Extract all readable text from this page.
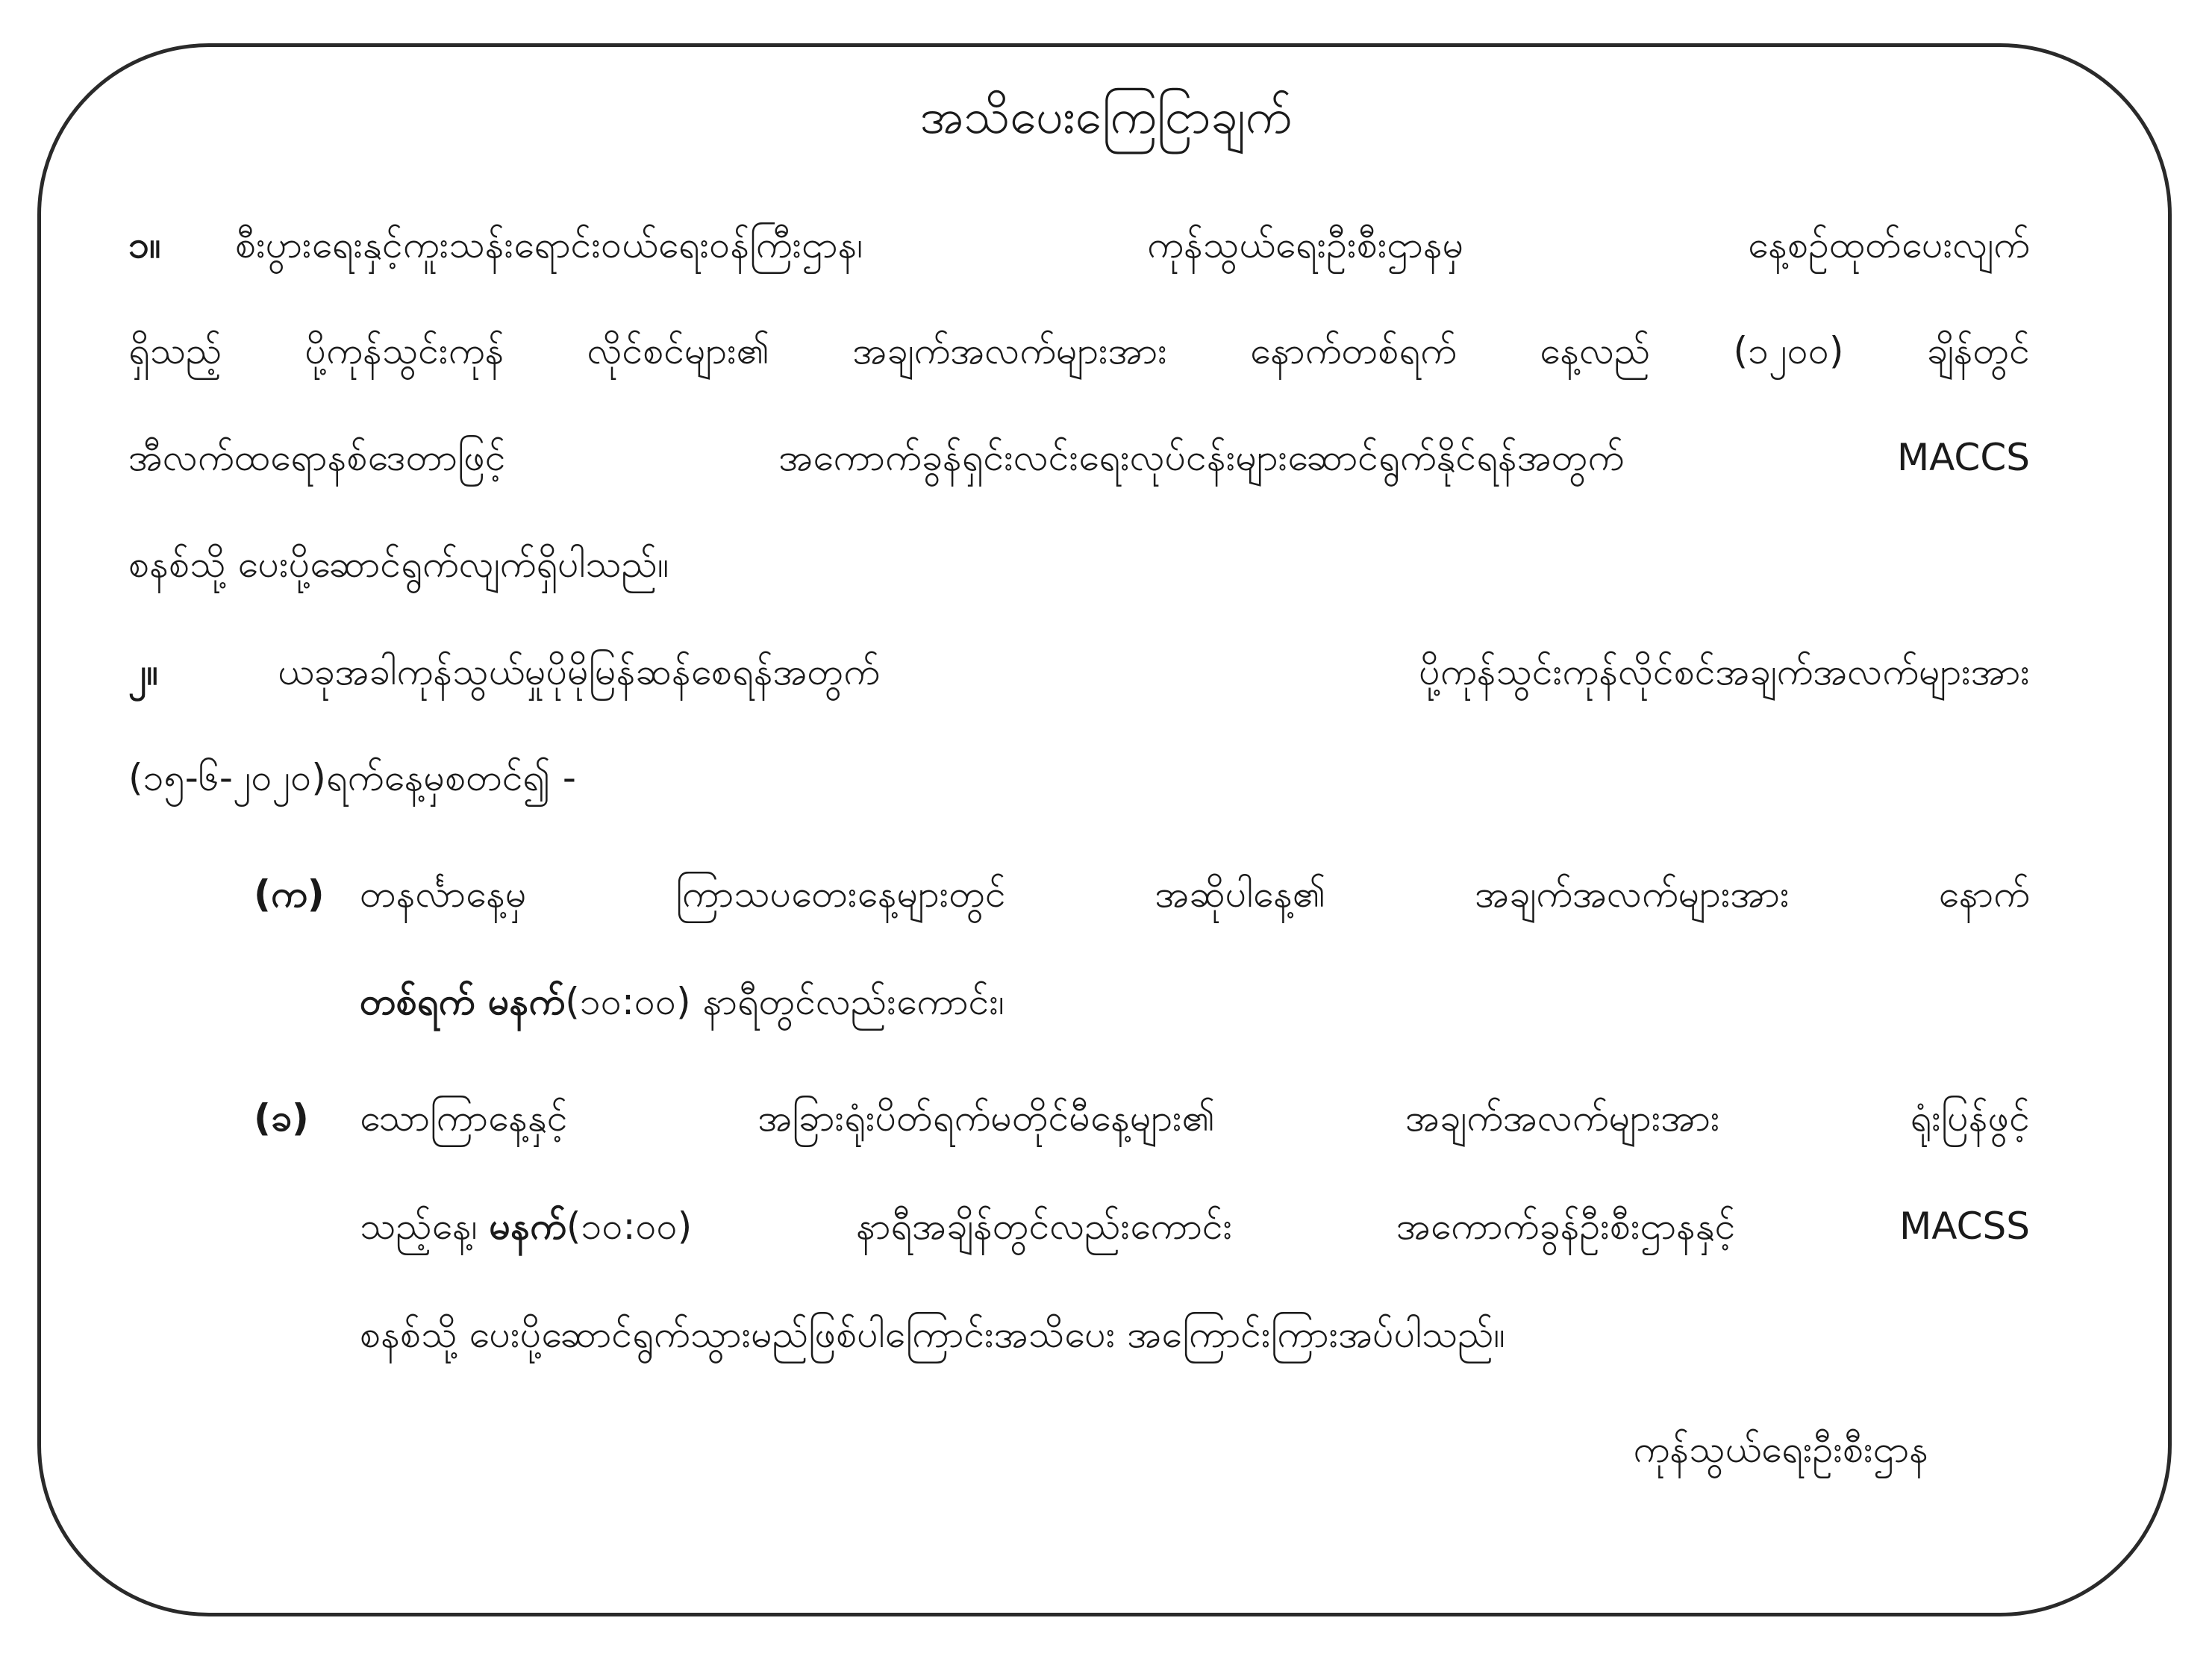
အသိပေးကြေငြာချက်
၁။ စီးပွားရေးနှင့်ကူးသန်းရောင်းဝယ်ရေးဝန်ကြီးဌာန၊	ကုန်သွယ်ရေးဦးစီးဌာနမှ	နေ့စဉ်ထုတ်ပေးလျက်
ရှိသည့် ပို့ကုန်သွင်းကုန် လိုင်စင်များ၏ အချက်အလက်များအား နောက်တစ်ရက် နေ့လည် (၁၂၀၀) ချိန်တွင်
အီလက်ထရောနစ်ဒေတာဖြင့်	အကောက်ခွန်ရှင်းလင်းရေးလုပ်ငန်းများဆောင်ရွက်နိုင်ရန်အတွက်	MACCS
စနစ်သို့ ပေးပို့ဆောင်ရွက်လျက်ရှိပါသည်။
၂။	ယခုအခါကုန်သွယ်မှုပိုမိုမြန်ဆန်စေရန်အတွက်	ပို့ကုန်သွင်းကုန်လိုင်စင်အချက်အလက်များအား
(၁၅-၆-၂၀၂၀)ရက်နေ့မှစတင်၍ -
(က) တနင်္လာနေ့မှ	ကြာသပတေးနေ့များတွင်	အဆိုပါနေ့၏	အချက်အလက်များအား	နောက်
တစ်ရက် မနက်(၁၀:၀၀) နာရီတွင်လည်းကောင်း၊
(ခ) သောကြာနေ့နှင့်	အခြားရုံးပိတ်ရက်မတိုင်မီနေ့များ၏	အချက်အလက်များအား	ရုံးပြန်ဖွင့်
သည့်နေ့၊ မနက်(၁၀:၀၀)	နာရီအချိန်တွင်လည်းကောင်း	အကောက်ခွန်ဦးစီးဌာနနှင့်	MACSS
စနစ်သို့ ပေးပို့ဆောင်ရွက်သွားမည်ဖြစ်ပါကြောင်းအသိပေး အကြောင်းကြားအပ်ပါသည်။
ကုန်သွယ်ရေးဦးစီးဌာန
